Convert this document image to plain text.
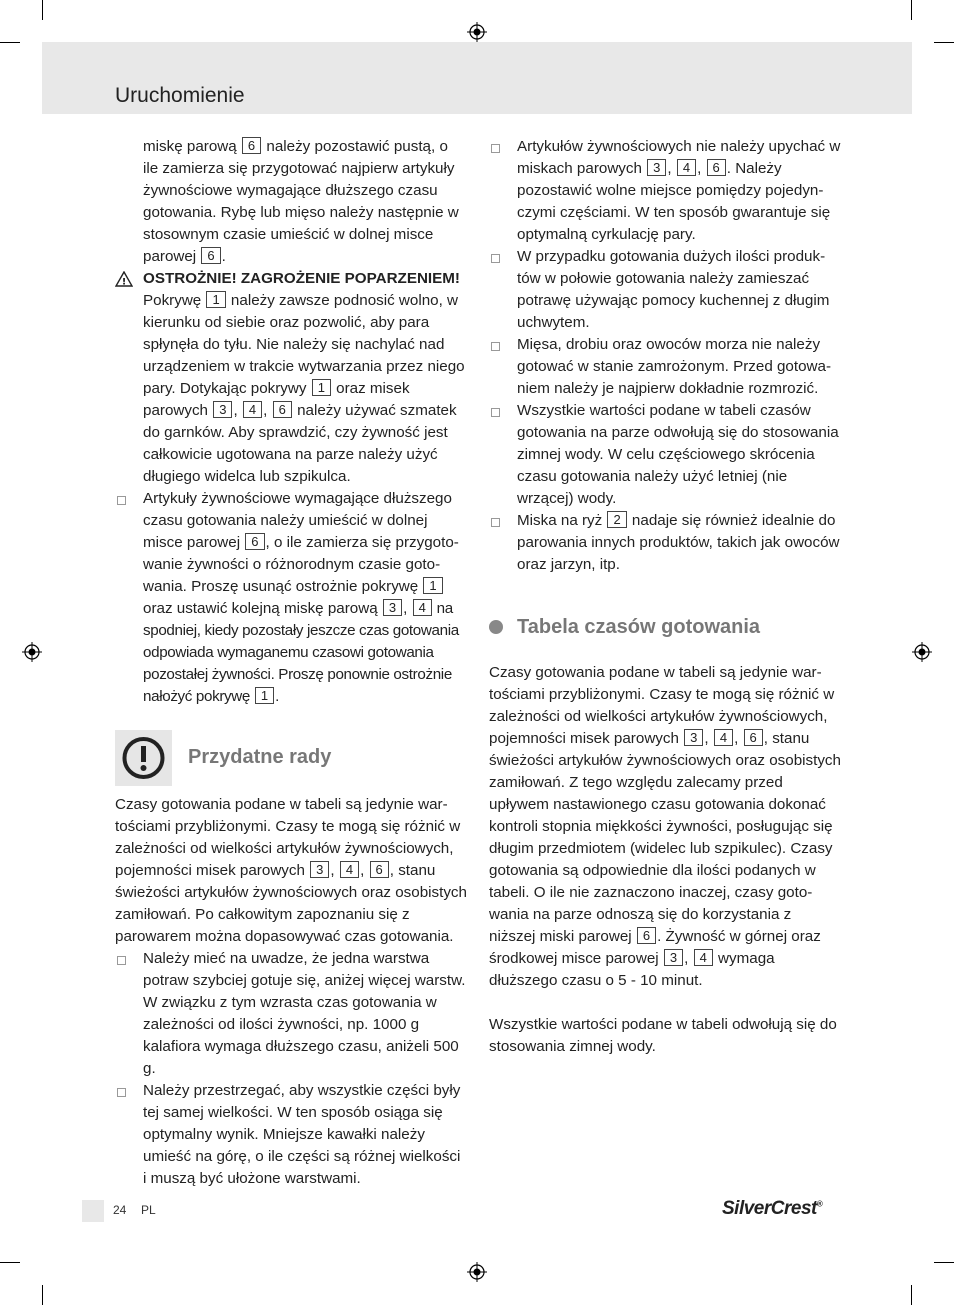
Uruchomienie
miskę parową 6 należy pozostawić pustą, o ile zamierza się przygotować najpierw artykuły żywnościowe wymagające dłuższego czasu gotowania. Rybę lub mięso należy następnie w stosownym czasie umieścić w dolnej misce parowej 6 .
! OSTROŻNIE! ZAGROŻENIE POPARZENIEM! Pokrywę 1 należy zawsze podnosić wolno, w kierunku od siebie oraz pozwolić, aby para spłynęła do tyłu. Nie należy się nachylać nad urządzeniem w trakcie wytwarzania przez niego pary. Dotykając pokrywy 1 oraz misek parowych 3 , 4 , 6 należy używać szmatek do garnków. Aby sprawdzić, czy żywność jest całkowicie ugotowana na parze należy użyć długiego widelca lub szpikulca.
Artykuły żywnościowe wymagające dłuższego czasu gotowania należy umieścić w dolnej misce parowej 6 , o ile zamierza się przygotowanie żywności o różnorodnym czasie gotowania. Proszę usunąć ostrożnie pokrywę 1 oraz ustawić kolejną miskę parową 3 , 4 na spodniej, kiedy pozostały jeszcze czas gotowania odpowiada wymaganemu czasowi gotowania pozostałej żywności. Proszę ponownie ostrożnie nałożyć pokrywę 1 .
Przydatne rady

Czasy gotowania podane w tabeli są jedynie wartościami przybliżonymi. Czasy te mogą się różnić w zależności od wielkości artykułów żywnościowych, pojemności misek parowych 3 , 4 , 6 , stanu świeżości artykułów żywnościowych oraz osobistych zamiłowań. Po całkowitym zapoznaniu się z parowarem można dopasowywać czas gotowania.

Należy mieć na uwadze, że jedna warstwa potraw szybciej gotuje się, aniżej więcej warstw. W związku z tym wzrasta czas gotowania w zależności od ilości żywności, np. 1000 g kalafiora wymaga dłuższego czasu, aniżeli 500 g.
Należy przestrzegać, aby wszystkie części były tej samej wielkości. W ten sposób osiąga się optymalny wynik. Mniejsze kawałki należy umieść na górę, o ile części są różnej wielkości i muszą być ułożone warstwami.
Artykułów żywnościowych nie należy upychać w miskach parowych 3 , 4 , 6 . Należy pozostawić wolne miejsce pomiędzy pojedynczymi częściami. W ten sposób gwarantuje się optymalną cyrkulację pary.
W przypadku gotowania dużych ilości produktów w połowie gotowania należy zamieszać potrawę używając pomocy kuchennej z długim uchwytem.
Mięsa, drobiu oraz owoców morza nie należy gotować w stanie zamrożonym. Przed gotowaniem należy je najpierw dokładnie rozmrozić.
Wszystkie wartości podane w tabeli czasów gotowania na parze odwołują się do stosowania zimnej wody. W celu częściowego skrócenia czasu gotowania należy użyć letniej (nie wrzącej) wody.
Miska na ryż 2 nadaje się również idealnie do parowania innych produktów, takich jak owoców oraz jarzyn, itp.
Tabela czasów gotowania

Czasy gotowania podane w tabeli są jedynie wartościami przybliżonymi. Czasy te mogą się różnić w zależności od wielkości artykułów żywnościowych, pojemności misek parowych 3 , 4 , 6 , stanu świeżości artykułów żywnościowych oraz osobistych zamiłowań. Z tego względu zalecamy przed upływem nastawionego czasu gotowania dokonać kontroli stopnia miękkości żywności, posługując się długim przedmiotem (widelec lub szpikulec). Czasy gotowania są odpowiednie dla ilości podanych w tabeli. O ile nie zaznaczono inaczej, czasy gotowania na parze odnoszą się do korzystania z niższej miski parowej 6 . Żywność w górnej oraz środkowej misce parowej 3 , 4 wymaga dłuższego czasu o 5 - 10 minut.

Wszystkie wartości podane w tabeli odwołują się do stosowania zimnej wody.

24 PL	SilverCrest®
